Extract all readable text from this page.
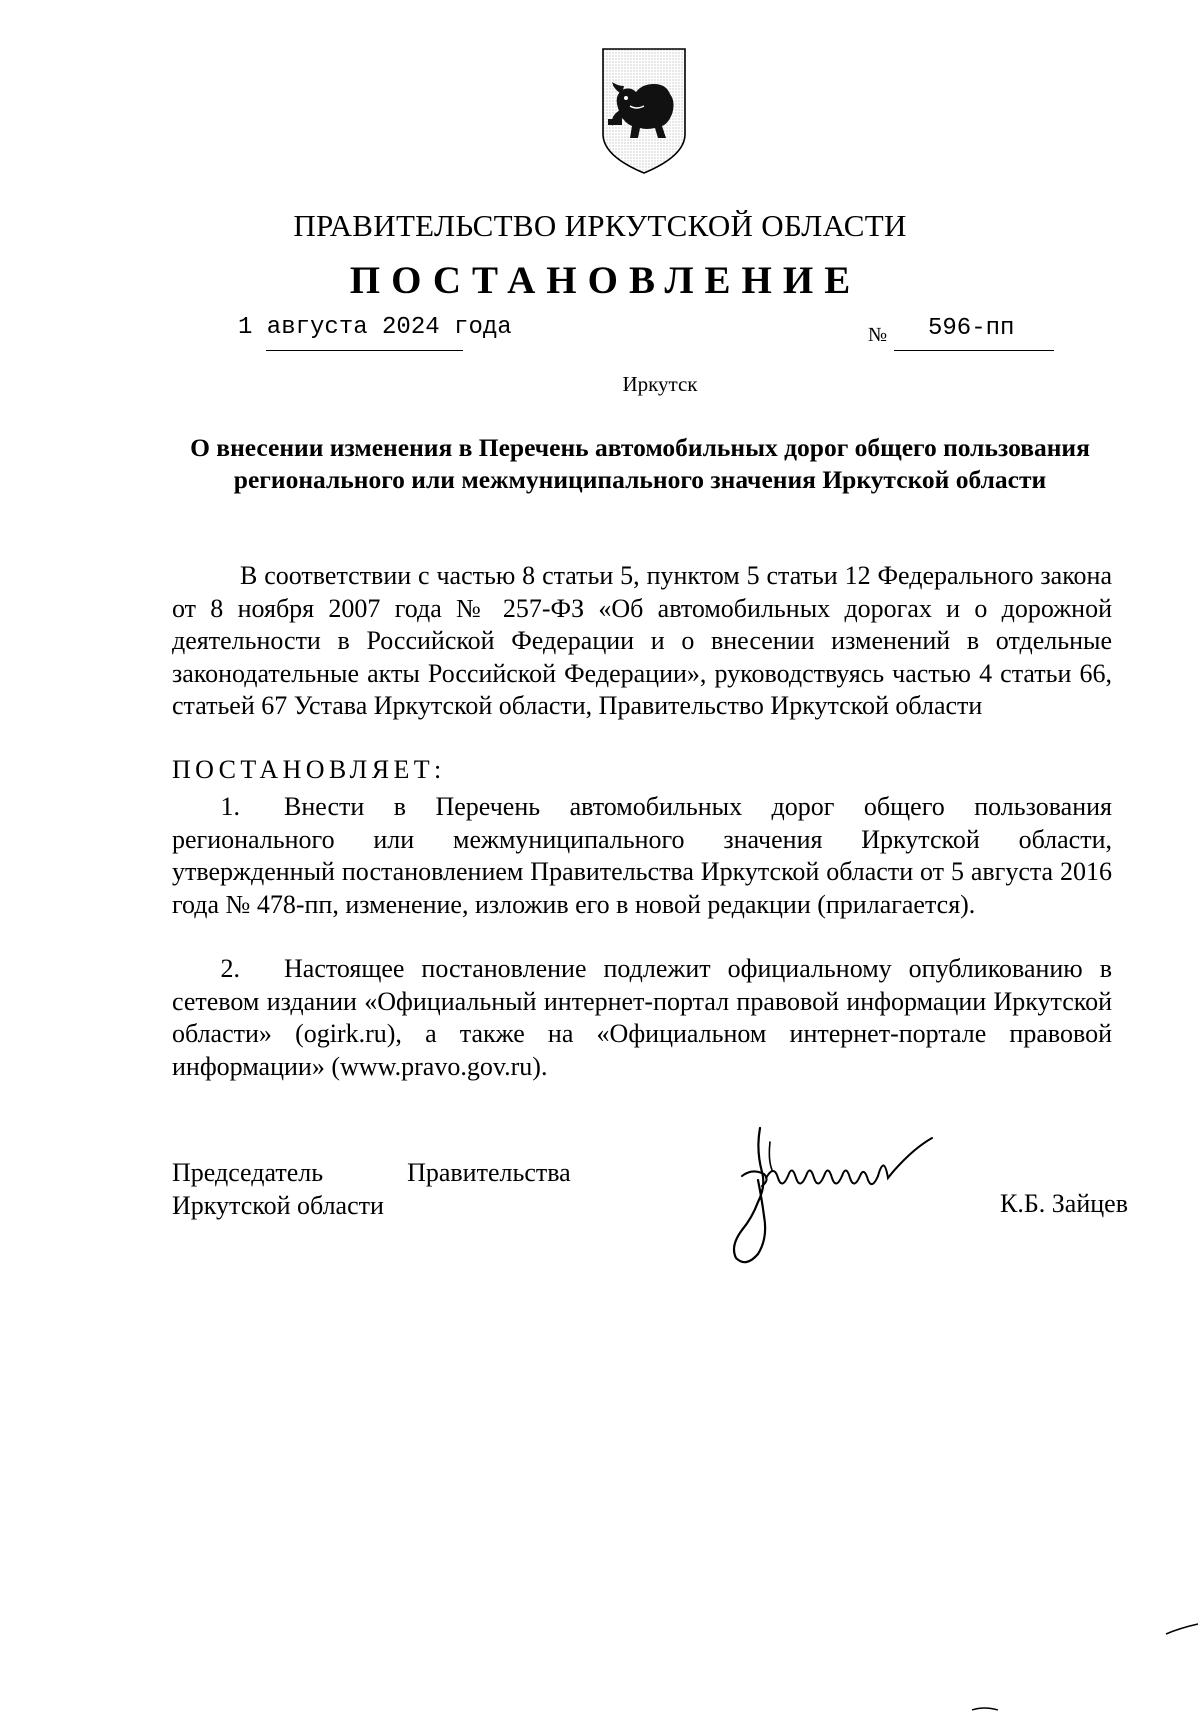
ПРАВИТЕЛЬСТВО ИРКУТСКОЙ ОБЛАСТИ
ПОСТАНОВЛЕНИЕ
1 августа 2024 года	№ 596-пп
Иркутск
О внесении изменения в Перечень автомобильных дорог общего пользования регионального или межмуниципального значения Иркутской области
В соответствии с частью 8 статьи 5, пунктом 5 статьи 12 Федерального закона от 8 ноября 2007 года № 257-ФЗ «Об автомобильных дорогах и о дорожной деятельности в Российской Федерации и о внесении изменений в отдельные законодательные акты Российской Федерации», руководствуясь частью 4 статьи 66, статьей 67 Устава Иркутской области, Правительство Иркутской области
ПОСТАНОВЛЯЕТ:
1. Внести в Перечень автомобильных дорог общего пользования регионального или межмуниципального значения Иркутской области, утвержденный постановлением Правительства Иркутской области от 5 августа 2016 года № 478-пп, изменение, изложив его в новой редакции (прилагается).
2. Настоящее постановление подлежит официальному опубликованию в сетевом издании «Официальный интернет-портал правовой информации Иркутской области» (ogirk.ru), а также на «Официальном интернет-портале правовой информации» (www.pravo.gov.ru).
Председатель	Правительства
Иркутской области	К.Б. Зайцев
